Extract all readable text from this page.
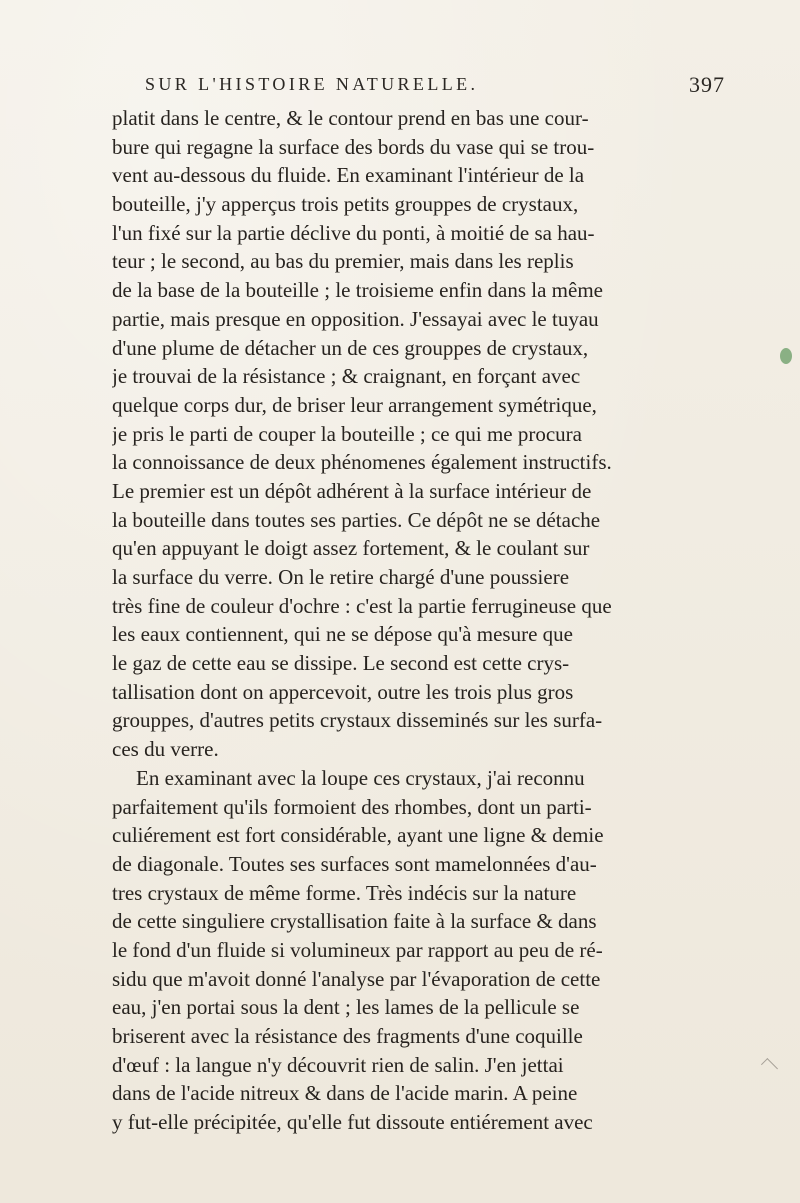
SUR L'HISTOIRE NATURELLE.	397
platit dans le centre, & le contour prend en bas une cour-
bure qui regagne la surface des bords du vase qui se trou-
vent au-dessous du fluide. En examinant l'intérieur de la
bouteille, j'y apperçus trois petits grouppes de crystaux,
l'un fixé sur la partie déclive du ponti, à moitié de sa hau-
teur ; le second, au bas du premier, mais dans les replis
de la base de la bouteille ; le troisieme enfin dans la même
partie, mais presque en opposition. J'essayai avec le tuyau
d'une plume de détacher un de ces grouppes de crystaux,
je trouvai de la résistance ; & craignant, en forçant avec
quelque corps dur, de briser leur arrangement symétrique,
je pris le parti de couper la bouteille ; ce qui me procura
la connoissance de deux phénomenes également instructifs.
Le premier est un dépôt adhérent à la surface intérieur de
la bouteille dans toutes ses parties. Ce dépôt ne se détache
qu'en appuyant le doigt assez fortement, & le coulant sur
la surface du verre. On le retire chargé d'une poussiere
très fine de couleur d'ochre : c'est la partie ferrugineuse que
les eaux contiennent, qui ne se dépose qu'à mesure que
le gaz de cette eau se dissipe. Le second est cette crys-
tallisation dont on appercevoit, outre les trois plus gros
grouppes, d'autres petits crystaux disseminés sur les surfa-
ces du verre.
En examinant avec la loupe ces crystaux, j'ai reconnu
parfaitement qu'ils formoient des rhombes, dont un parti-
culiérement est fort considérable, ayant une ligne & demie
de diagonale. Toutes ses surfaces sont mamelonnées d'au-
tres crystaux de même forme. Très indécis sur la nature
de cette singuliere crystallisation faite à la surface & dans
le fond d'un fluide si volumineux par rapport au peu de ré-
sidu que m'avoit donné l'analyse par l'évaporation de cette
eau, j'en portai sous la dent ; les lames de la pellicule se
briserent avec la résistance des fragments d'une coquille
d'œuf : la langue n'y découvrit rien de salin. J'en jettai
dans de l'acide nitreux & dans de l'acide marin. A peine
y fut-elle précipitée, qu'elle fut dissoute entiérement avec
